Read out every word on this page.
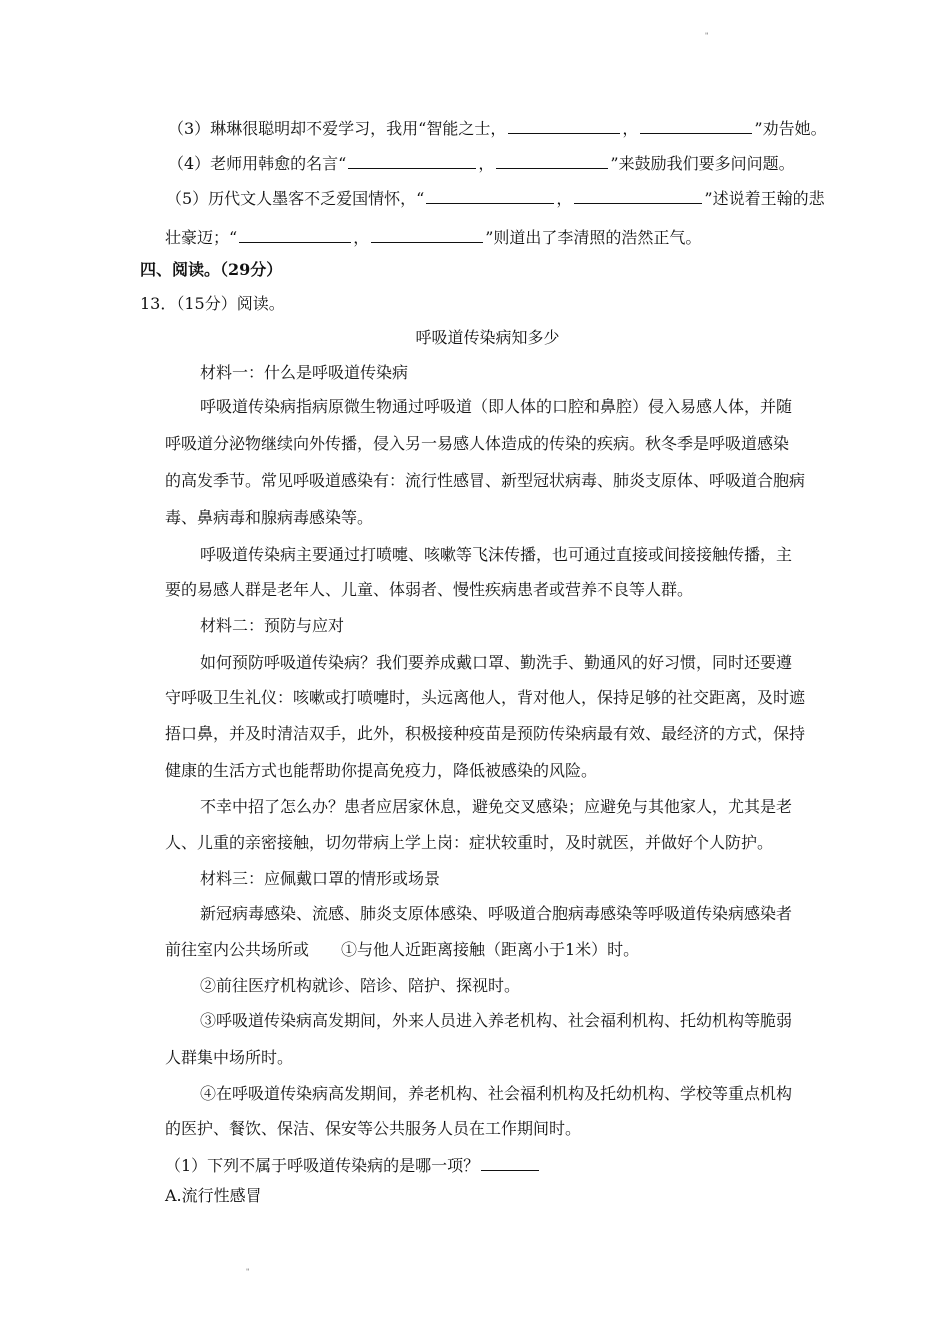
"
（3）琳琳很聪明却不爱学习，我用“智能之士，	，	”劝告她。
（4）老师用韩愈的名言“	，	”来鼓励我们要多问问题。
（5）历代文人墨客不乏爱国情怀，“	，	”述说着王翰的悲
壮豪迈；“	，	”则道出了李清照的浩然正气。
四、阅读。（29分）
13．（15分）阅读。
呼吸道传染病知多少
材料一：什么是呼吸道传染病
呼吸道传染病指病原微生物通过呼吸道（即人体的口腔和鼻腔）侵入易感人体，并随
呼吸道分泌物继续向外传播，侵入另一易感人体造成的传染的疾病。秋冬季是呼吸道感染
的高发季节。常见呼吸道感染有：流行性感冒、新型冠状病毒、肺炎支原体、呼吸道合胞病
毒、鼻病毒和腺病毒感染等。
呼吸道传染病主要通过打喷嚏、咳嗽等飞沫传播，也可通过直接或间接接触传播，主
要的易感人群是老年人、儿童、体弱者、慢性疾病患者或营养不良等人群。
材料二：预防与应对
如何预防呼吸道传染病？我们要养成戴口罩、勤洗手、勤通风的好习惯，同时还要遵
守呼吸卫生礼仪：咳嗽或打喷嚏时，头远离他人，背对他人，保持足够的社交距离，及时遮
捂口鼻，并及时清洁双手，此外，积极接种疫苗是预防传染病最有效、最经济的方式，保持
健康的生活方式也能帮助你提高免疫力，降低被感染的风险。
不幸中招了怎么办？患者应居家休息，避免交叉感染；应避免与其他家人，尤其是老
人、儿重的亲密接触，切勿带病上学上岗：症状较重时，及时就医，并做好个人防护。
材料三：应佩戴口罩的情形或场景
新冠病毒感染、流感、肺炎支原体感染、呼吸道合胞病毒感染等呼吸道传染病感染者
前往室内公共场所或　　①与他人近距离接触（距离小于1米）时。
②前往医疗机构就诊、陪诊、陪护、探视时。
③呼吸道传染病高发期间，外来人员进入养老机构、社会福利机构、托幼机构等脆弱
人群集中场所时。
④在呼吸道传染病高发期间，养老机构、社会福利机构及托幼机构、学校等重点机构
的医护、餐饮、保洁、保安等公共服务人员在工作期间时。
（1）下列不属于呼吸道传染病的是哪一项？
A.流行性感冒
"
